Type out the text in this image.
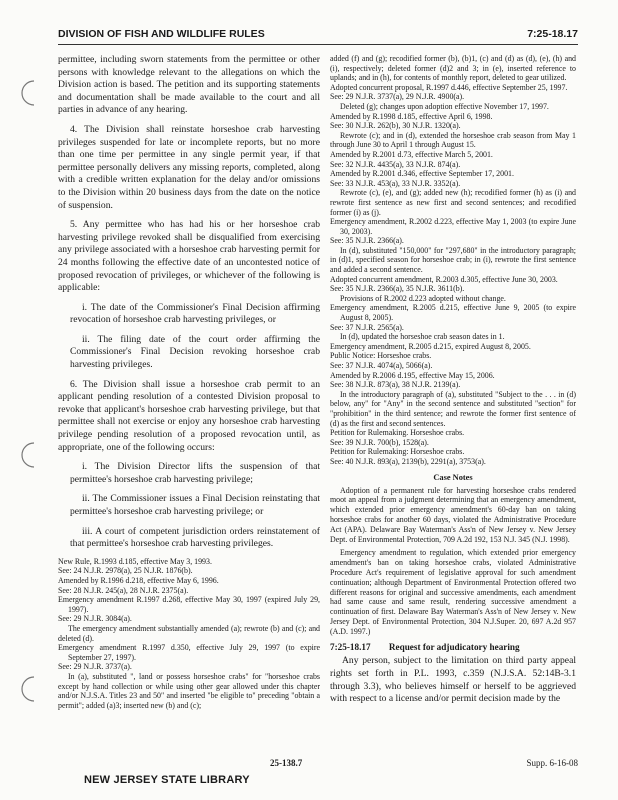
DIVISION OF FISH AND WILDLIFE RULES	7:25-18.17

permittee, including sworn statements from the permittee or other persons with knowledge relevant to the allegations on which the Division action is based. The petition and its supporting statements and documentation shall be made available to the court and all parties in advance of any hearing.

4. The Division shall reinstate horseshoe crab harvesting privileges suspended for late or incomplete reports, but no more than one time per permittee in any single permit year, if that permittee personally delivers any missing reports, completed, along with a credible written explanation for the delay and/or omissions to the Division within 20 business days from the date on the notice of suspension.

5. Any permittee who has had his or her horseshoe crab harvesting privilege revoked shall be disqualified from exercising any privilege associated with a horseshoe crab harvesting permit for 24 months following the effective date of an uncontested notice of proposed revocation of privileges, or whichever of the following is applicable:

i. The date of the Commissioner's Final Decision affirming revocation of horseshoe crab harvesting privileges, or

ii. The filing date of the court order affirming the Commissioner's Final Decision revoking horseshoe crab harvesting privileges.

6. The Division shall issue a horseshoe crab permit to an applicant pending resolution of a contested Division proposal to revoke that applicant's horseshoe crab harvesting privilege, but that permittee shall not exercise or enjoy any horseshoe crab harvesting privilege pending resolution of a proposed revocation until, as appropriate, one of the following occurs:

i. The Division Director lifts the suspension of that permittee's horseshoe crab harvesting privilege;

ii. The Commissioner issues a Final Decision reinstating that permittee's horseshoe crab harvesting privilege; or

iii. A court of competent jurisdiction orders reinstatement of that permittee's horseshoe crab harvesting privileges.

New Rule, R.1993 d.185, effective May 3, 1993.

See: 24 N.J.R. 2978(a), 25 N.J.R. 1876(b).

Amended by R.1996 d.218, effective May 6, 1996.

See: 28 N.J.R. 245(a), 28 N.J.R. 2375(a).

Emergency amendment R.1997 d.268, effective May 30, 1997 (expired July 29, 1997).

See: 29 N.J.R. 3084(a).

The emergency amendment substantially amended (a); rewrote (b) and (c); and deleted (d).

Emergency amendment R.1997 d.350, effective July 29, 1997 (to expire September 27, 1997).

See: 29 N.J.R. 3737(a).

In (a), substituted ", land or possess horseshoe crabs" for "horseshoe crabs except by hand collection or while using other gear allowed under this chapter and/or N.J.S.A. Titles 23 and 50" and inserted "be eligible to" preceding "obtain a permit"; added (a)3; inserted new (b) and (c);

added (f) and (g); recodified former (b), (b)1, (c) and (d) as (d), (e), (h) and (i), respectively; deleted former (d)2 and 3; in (e), inserted reference to uplands; and in (h), for contents of monthly report, deleted to gear utilized.

Adopted concurrent proposal, R.1997 d.446, effective September 25, 1997.

See: 29 N.J.R. 3737(a), 29 N.J.R. 4900(a).

Deleted (g); changes upon adoption effective November 17, 1997.

Amended by R.1998 d.185, effective April 6, 1998.

See: 30 N.J.R. 262(b), 30 N.J.R. 1320(a).

Rewrote (c); and in (d), extended the horseshoe crab season from May 1 through June 30 to April 1 through August 15.

Amended by R.2001 d.73, effective March 5, 2001.

See: 32 N.J.R. 4435(a), 33 N.J.R. 874(a).

Amended by R.2001 d.346, effective September 17, 2001.

See: 33 N.J.R. 453(a), 33 N.J.R. 3352(a).

Rewrote (c), (e), and (g); added new (h); recodified former (h) as (i) and rewrote first sentence as new first and second sentences; and recodified former (i) as (j).

Emergency amendment, R.2002 d.223, effective May 1, 2003 (to expire June 30, 2003).

See: 35 N.J.R. 2366(a).

In (d), substituted "150,000" for "297,680" in the introductory paragraph; in (d)1, specified season for horseshoe crab; in (i), rewrote the first sentence and added a second sentence.

Adopted concurrent amendment, R.2003 d.305, effective June 30, 2003.

See: 35 N.J.R. 2366(a), 35 N.J.R. 3611(b).

Provisions of R.2002 d.223 adopted without change.

Emergency amendment, R.2005 d.215, effective June 9, 2005 (to expire August 8, 2005).

See: 37 N.J.R. 2565(a).

In (d), updated the horseshoe crab season dates in 1.

Emergency amendment, R.2005 d.215, expired August 8, 2005.

Public Notice: Horseshoe crabs.

See: 37 N.J.R. 4074(a), 5066(a).

Amended by R.2006 d.195, effective May 15, 2006.

See: 38 N.J.R. 873(a), 38 N.J.R. 2139(a).

In the introductory paragraph of (a), substituted "Subject to the . . . in (d) below, any" for "Any" in the second sentence and substituted "section" for "prohibition" in the third sentence; and rewrote the former first sentence of (d) as the first and second sentences.

Petition for Rulemaking. Horseshoe crabs.

See: 39 N.J.R. 700(b), 1528(a).

Petition for Rulemaking: Horseshoe crabs.

See: 40 N.J.R. 893(a), 2139(b), 2291(a), 3753(a).

Case Notes

Adoption of a permanent rule for harvesting horseshoe crabs rendered moot an appeal from a judgment determining that an emergency amendment, which extended prior emergency amendment's 60-day ban on taking horseshoe crabs for another 60 days, violated the Administrative Procedure Act (APA). Delaware Bay Waterman's Ass'n of New Jersey v. New Jersey Dept. of Environmental Protection, 709 A.2d 192, 153 N.J. 345 (N.J. 1998).

Emergency amendment to regulation, which extended prior emergency amendment's ban on taking horseshoe crabs, violated Administrative Procedure Act's requirement of legislative approval for such amendment continuation; although Department of Environmental Protection offered two different reasons for original and successive amendments, each amendment had same cause and same result, rendering successive amendment a continuation of first. Delaware Bay Waterman's Ass'n of New Jersey v. New Jersey Dept. of Environmental Protection, 304 N.J.Super. 20, 697 A.2d 957 (A.D. 1997.)

7:25-18.17 Request for adjudicatory hearing

Any person, subject to the limitation on third party appeal rights set forth in P.L. 1993, c.359 (N.J.S.A. 52:14B-3.1 through 3.3), who believes himself or herself to be aggrieved with respect to a license and/or permit decision made by the

25-138.7	Supp. 6-16-08
NEW JERSEY STATE LIBRARY
